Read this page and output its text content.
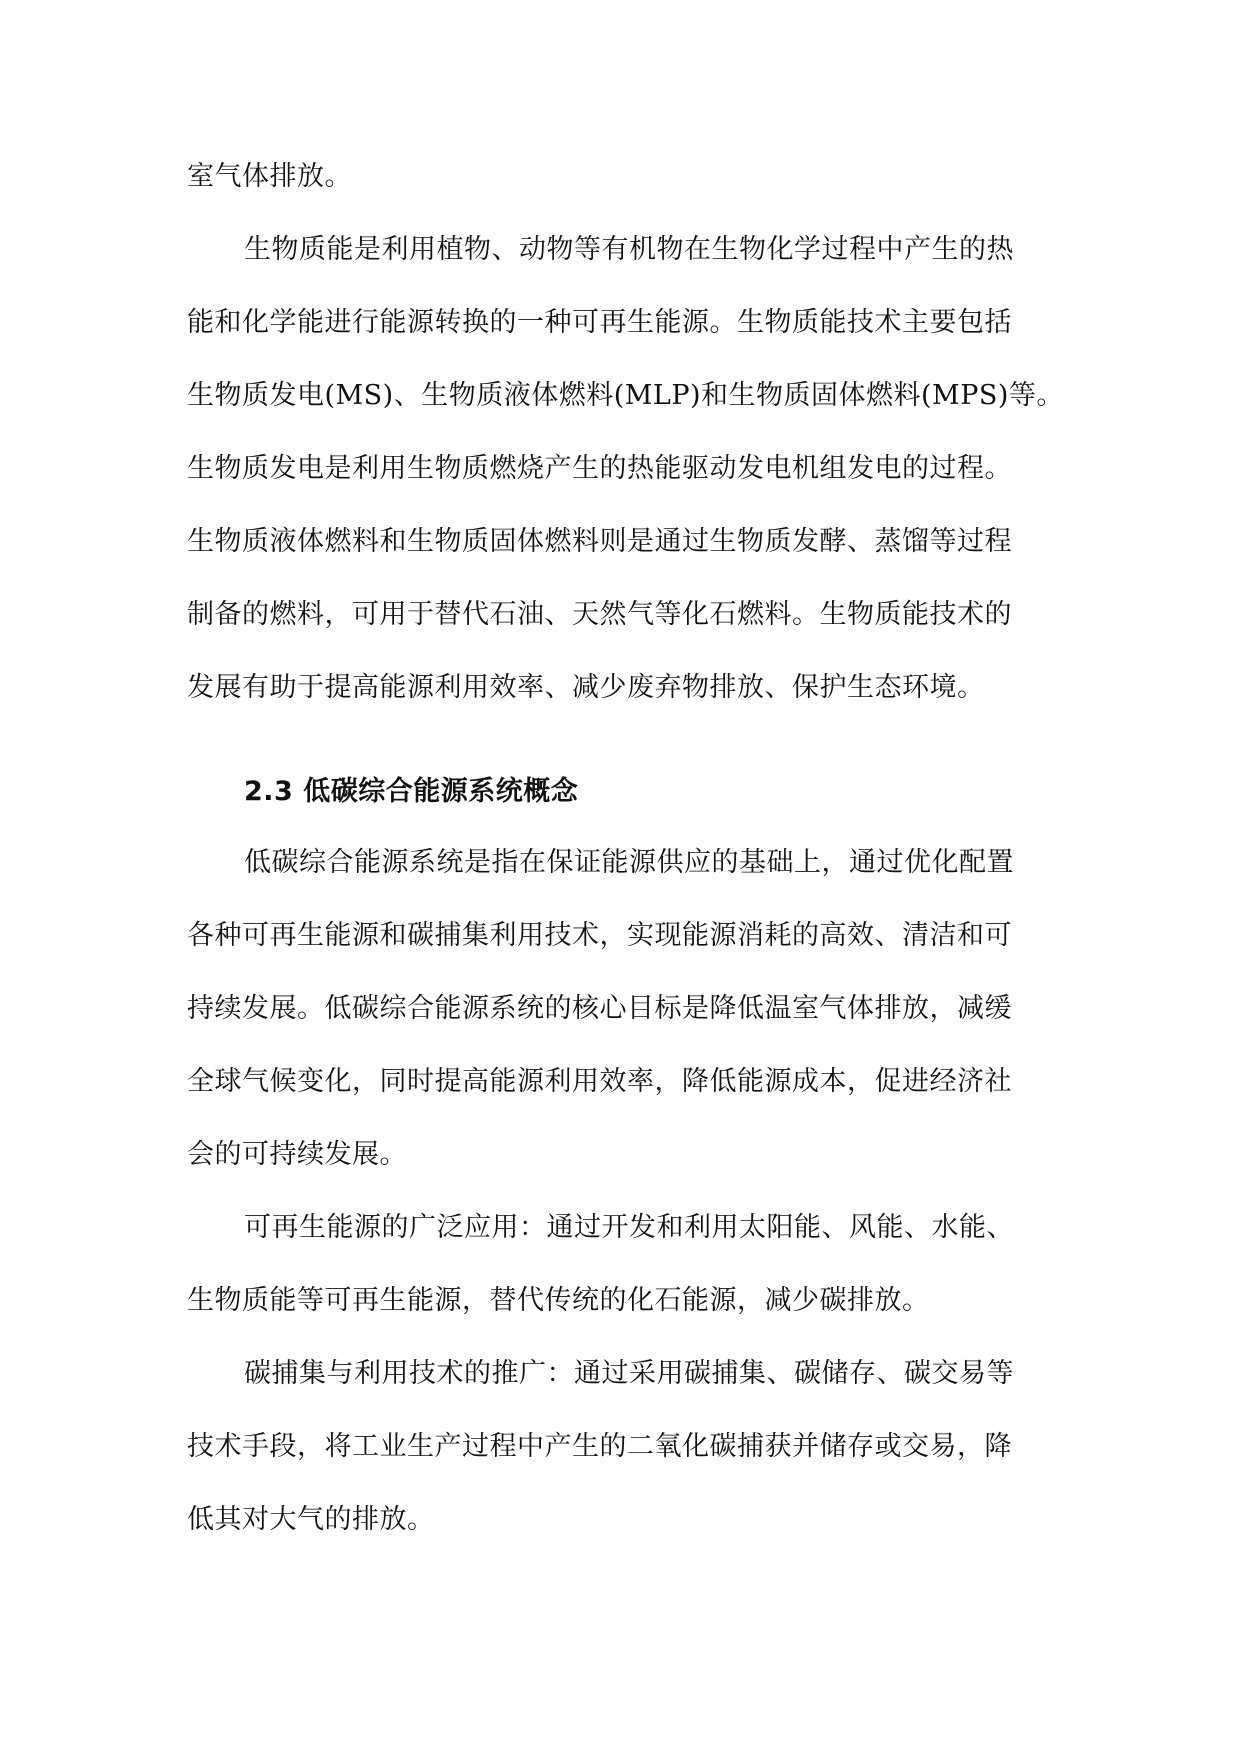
室气体排放。

生物质能是利用植物、动物等有机物在生物化学过程中产生的热
能和化学能进行能源转换的一种可再生能源。生物质能技术主要包括
生物质发电(MS)、生物质液体燃料(MLP)和生物质固体燃料(MPS)等。
生物质发电是利用生物质燃烧产生的热能驱动发电机组发电的过程。
生物质液体燃料和生物质固体燃料则是通过生物质发酵、蒸馏等过程
制备的燃料，可用于替代石油、天然气等化石燃料。生物质能技术的
发展有助于提高能源利用效率、减少废弃物排放、保护生态环境。

2.3 低碳综合能源系统概念

低碳综合能源系统是指在保证能源供应的基础上，通过优化配置
各种可再生能源和碳捕集利用技术，实现能源消耗的高效、清洁和可
持续发展。低碳综合能源系统的核心目标是降低温室气体排放，减缓
全球气候变化，同时提高能源利用效率，降低能源成本，促进经济社
会的可持续发展。

可再生能源的广泛应用：通过开发和利用太阳能、风能、水能、
生物质能等可再生能源，替代传统的化石能源，减少碳排放。

碳捕集与利用技术的推广：通过采用碳捕集、碳储存、碳交易等
技术手段，将工业生产过程中产生的二氧化碳捕获并储存或交易，降
低其对大气的排放。
